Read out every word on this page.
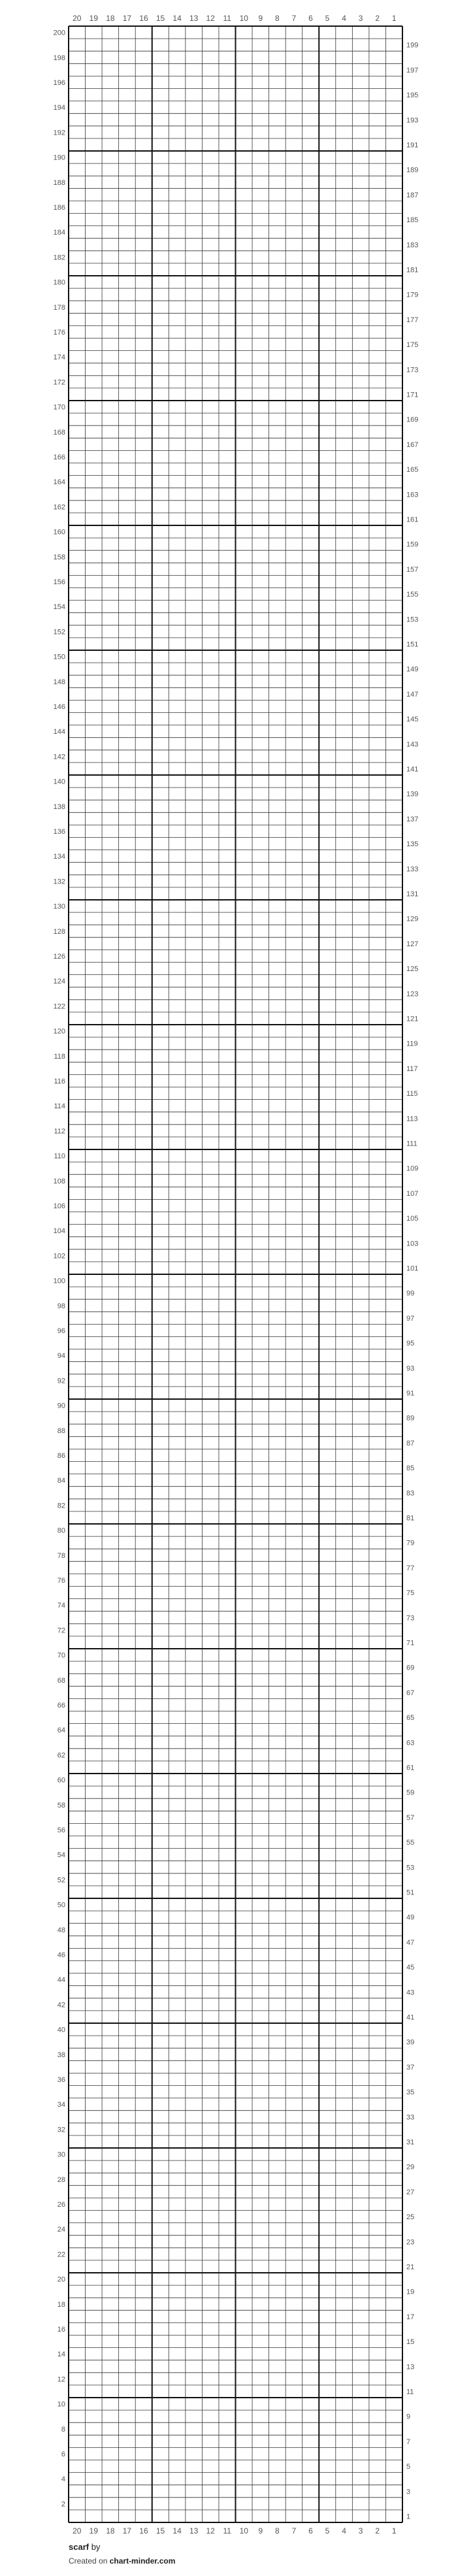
20 19 18 17 16 15 14 13 12 11 10 9 8 7 6 5 4 3 2 1
20 19 18 17 16 15 14 13 12 11 10 9 8 7 6 5 4 3 2 1
2
4
6
8
10
12
14
16
18
20
22
24
26
28
30
32
34
36
38
40
42
44
46
48
50
52
54
56
58
60
62
64
66
68
70
72
74
76
78
80
82
84
86
88
90
92
94
96
98
100
102
104
106
108
110
112
114
116
118
120
122
124
126
128
130
132
134
136
138
140
142
144
146
148
150
152
154
156
158
160
162
164
166
168
170
172
174
176
178
180
182
184
186
188
190
192
194
196
198
200
1
3
5
7
9
11
13
15
17
19
21
23
25
27
29
31
33
35
37
39
41
43
45
47
49
51
53
55
57
59
61
63
65
67
69
71
73
75
77
79
81
83
85
87
89
91
93
95
97
99
101
103
105
107
109
111
113
115
117
119
121
123
125
127
129
131
133
135
137
139
141
143
145
147
149
151
153
155
157
159
161
163
165
167
169
171
173
175
177
179
181
183
185
187
189
191
193
195
197
199
scarf by
Created on chart-minder.com
